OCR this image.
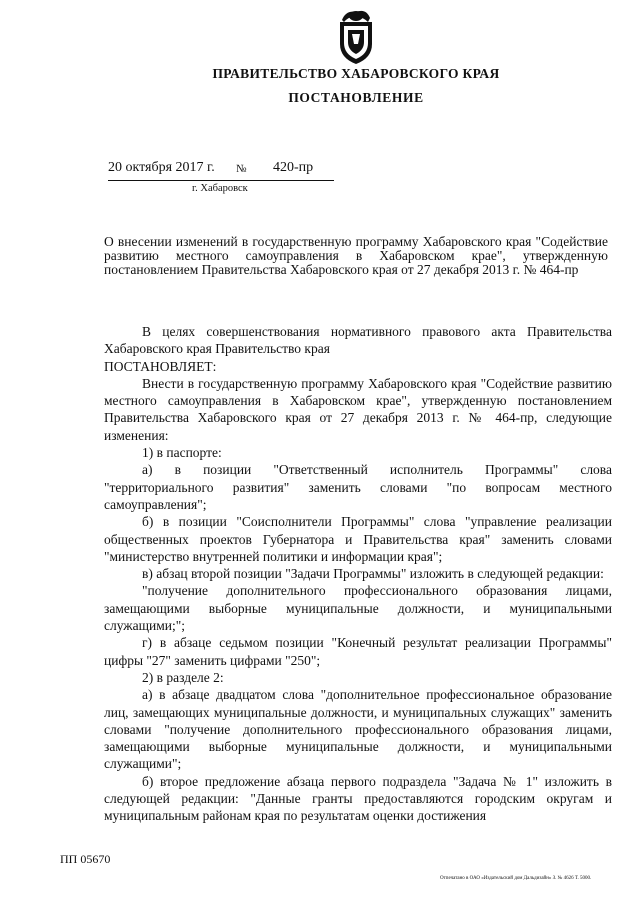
ПРАВИТЕЛЬСТВО ХАБАРОВСКОГО КРАЯ
ПОСТАНОВЛЕНИЕ
20 октября 2017 г. № 420-пр
г. Хабаровск
О внесении изменений в государственную программу Хабаровского края "Содействие развитию местного самоуправления в Хабаровском крае", утвержденную постановлением Правительства Хабаровского края от 27 декабря 2013 г. № 464-пр

В целях совершенствования нормативного правового акта Правительства Хабаровского края Правительство края

ПОСТАНОВЛЯЕТ:

Внести в государственную программу Хабаровского края "Содействие развитию местного самоуправления в Хабаровском крае", утвержденную постановлением Правительства Хабаровского края от 27 декабря 2013 г. № 464-пр, следующие изменения:

1) в паспорте:

а) в позиции "Ответственный исполнитель Программы" слова "территориального развития" заменить словами "по вопросам местного самоуправления";

б) в позиции "Соисполнители Программы" слова "управление реализации общественных проектов Губернатора и Правительства края" заменить словами "министерство внутренней политики и информации края";

в) абзац второй позиции "Задачи Программы" изложить в следующей редакции:

"получение дополнительного профессионального образования лицами, замещающими выборные муниципальные должности, и муниципальными служащими;";

г) в абзаце седьмом позиции "Конечный результат реализации Программы" цифры "27" заменить цифрами "250";

2) в разделе 2:

а) в абзаце двадцатом слова "дополнительное профессиональное образование лиц, замещающих муниципальные должности, и муниципальных служащих" заменить словами "получение дополнительного профессионального образования лицами, замещающими выборные муниципальные должности, и муниципальными служащими";

б) второе предложение абзаца первого подраздела "Задача № 1" изложить в следующей редакции: "Данные гранты предоставляются городским округам и муниципальным районам края по результатам оценки достижения

ПП 05670
Отпечатано в ОАО «Издательский дом Дальдизайн» З. № 4626 Т. 5000.
